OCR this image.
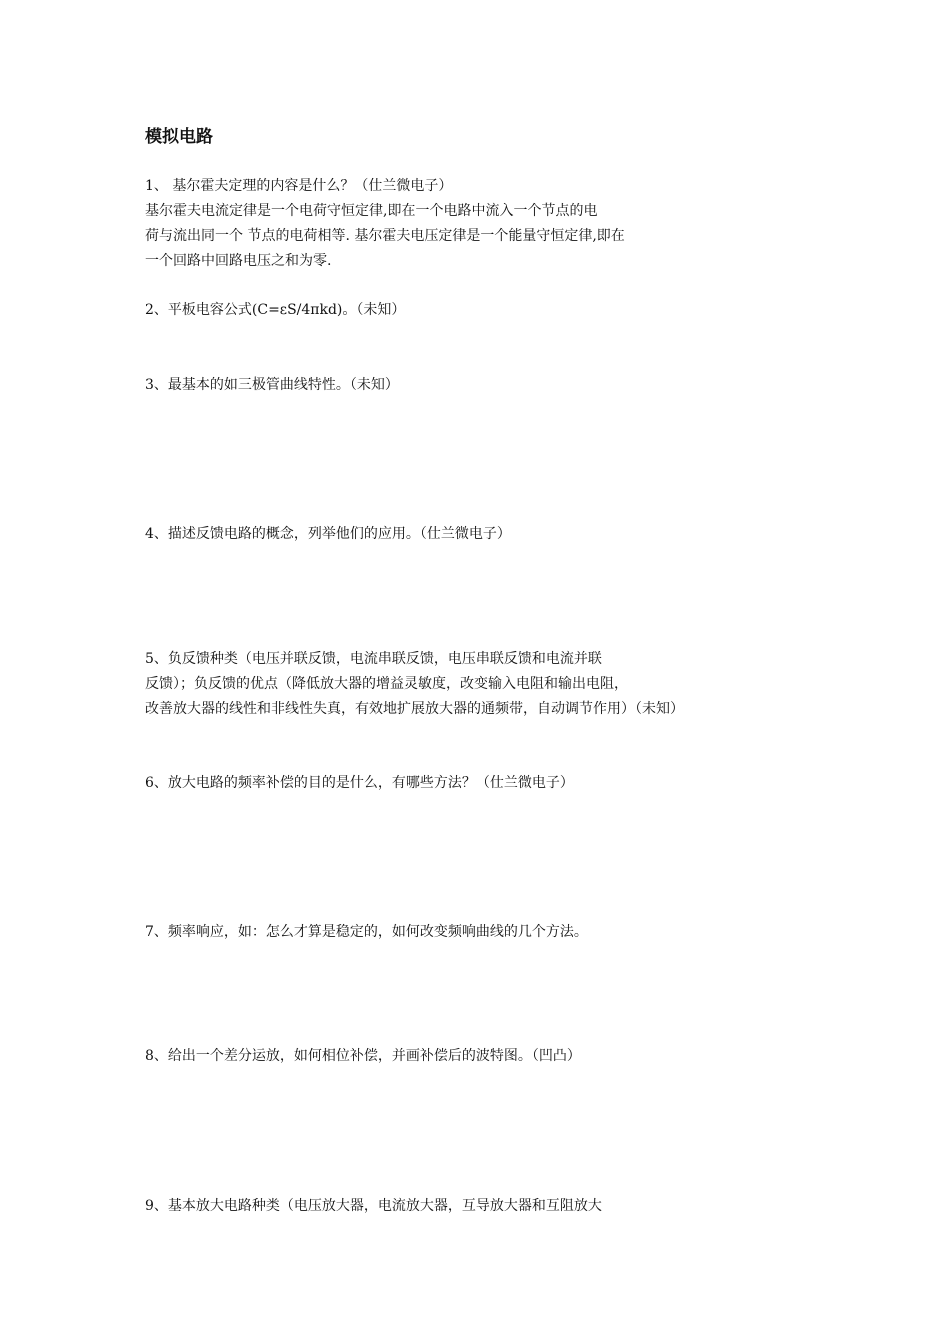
模拟电路
1、 基尔霍夫定理的内容是什么？（仕兰微电子）
基尔霍夫电流定律是一个电荷守恒定律,即在一个电路中流入一个节点的电
荷与流出同一个 节点的电荷相等. 基尔霍夫电压定律是一个能量守恒定律,即在
一个回路中回路电压之和为零.
2、平板电容公式(C=εS/4πkd)。（未知）
3、最基本的如三极管曲线特性。（未知）
4、描述反馈电路的概念，列举他们的应用。（仕兰微电子）
5、负反馈种类（电压并联反馈，电流串联反馈，电压串联反馈和电流并联
反馈）；负反馈的优点（降低放大器的增益灵敏度，改变输入电阻和输出电阻，
改善放大器的线性和非线性失真，有效地扩展放大器的通频带，自动调节作用）（未知）
6、放大电路的频率补偿的目的是什么，有哪些方法？（仕兰微电子）
7、频率响应，如：怎么才算是稳定的，如何改变频响曲线的几个方法。
8、给出一个差分运放，如何相位补偿，并画补偿后的波特图。（凹凸）
9、基本放大电路种类（电压放大器，电流放大器，互导放大器和互阻放大
